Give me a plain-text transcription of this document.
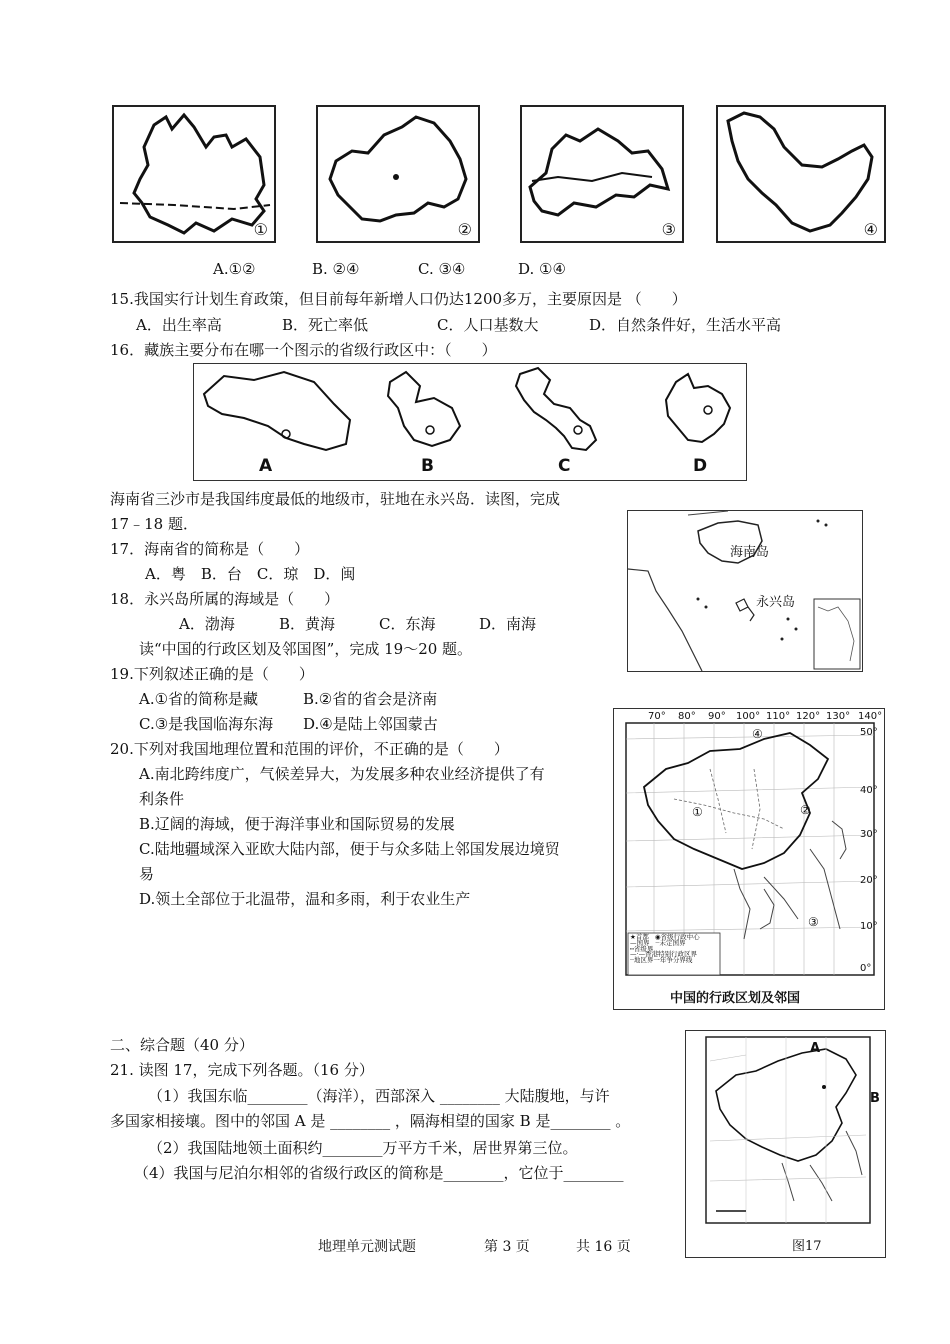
①	②	③	④
A.①②	B. ②④	C. ③④	D. ①④
15.我国实行计划生育政策，但目前每年新增人口仍达1200多万，主要原因是 （　　）
A．出生率高	B．死亡率低	C．人口基数大	D．自然条件好，生活水平高
16．藏族主要分布在哪一个图示的省级行政区中：（　　）
A	B	C	D
海南省三沙市是我国纬度最低的地级市，驻地在永兴岛．读图，完成
17﹣18 题．
海南岛
永兴岛
17．海南省的简称是（　　）
A．粤　B．台　C．琼　D．闽
18．永兴岛所属的海域是（　　）
A．渤海	B．黄海	C．东海	D．南海
读“中国的行政区划及邻国图”，完成 19～20 题。
19.下列叙述正确的是（　　）
A.①省的简称是藏	B.②省的省会是济南
C.③是我国临海东海 D.④是陆上邻国蒙古
20.下列对我国地理位置和范围的评价，不正确的是（　　）
A.南北跨纬度广，气候差异大，为发展多种农业经济提供了有
利条件
B.辽阔的海域，便于海洋事业和国际贸易的发展
C.陆地疆域深入亚欧大陆内部，便于与众多陆上邻国发展边境贸
易
D.领土全部位于北温带，温和多雨，利于农业生产
70° 80° 90° 100° 110° 120° 130° 140°
50°
40°
30°
20°
10°
0°
①	②
③
④
★首都 ◉省级行政中心 —国界 ┈未定国界
┅省级界
—·—香港特别行政区界
┈地区界一年争分界线
中国的行政区划及邻国
二、综合题（40 分）
21. 读图 17，完成下列各题。（16 分）
（1）我国东临________（海洋），西部深入 ________ 大陆腹地，与许
多国家相接壤。图中的邻国 A 是 ________ ，隔海相望的国家 B 是________ 。
（2）我国陆地领土面积约________万平方千米，居世界第三位。
（4）我国与尼泊尔相邻的省级行政区的简称是________，它位于________
A
B
图17
地理单元测试题	第 3 页	共 16 页
